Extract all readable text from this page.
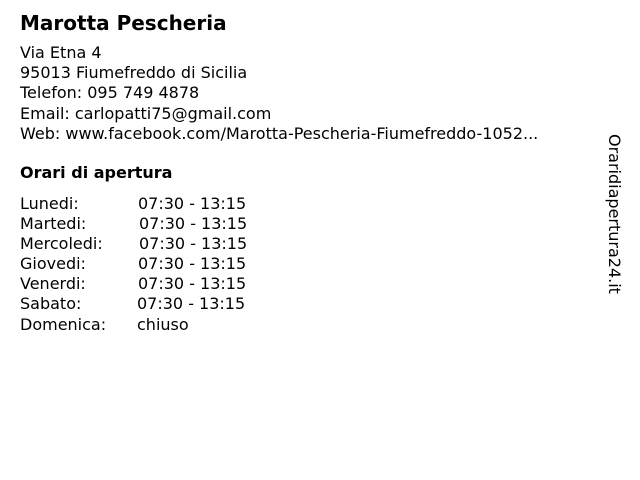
Marotta Pescheria
Via Etna 4
95013 Fiumefreddo di Sicilia
Telefon: 095 749 4878
Email: carlopatti75@gmail.com
Web: www.facebook.com/Marotta-Pescheria-Fiumefreddo-1052...
Orari di apertura
Lunedi:	07:30 - 13:15
Martedi:	07:30 - 13:15
Mercoledi: 07:30 - 13:15
Giovedi:	07:30 - 13:15
Venerdi:	07:30 - 13:15
Sabato:	07:30 - 13:15
Domenica: chiuso
Oraridiapertura24.it
